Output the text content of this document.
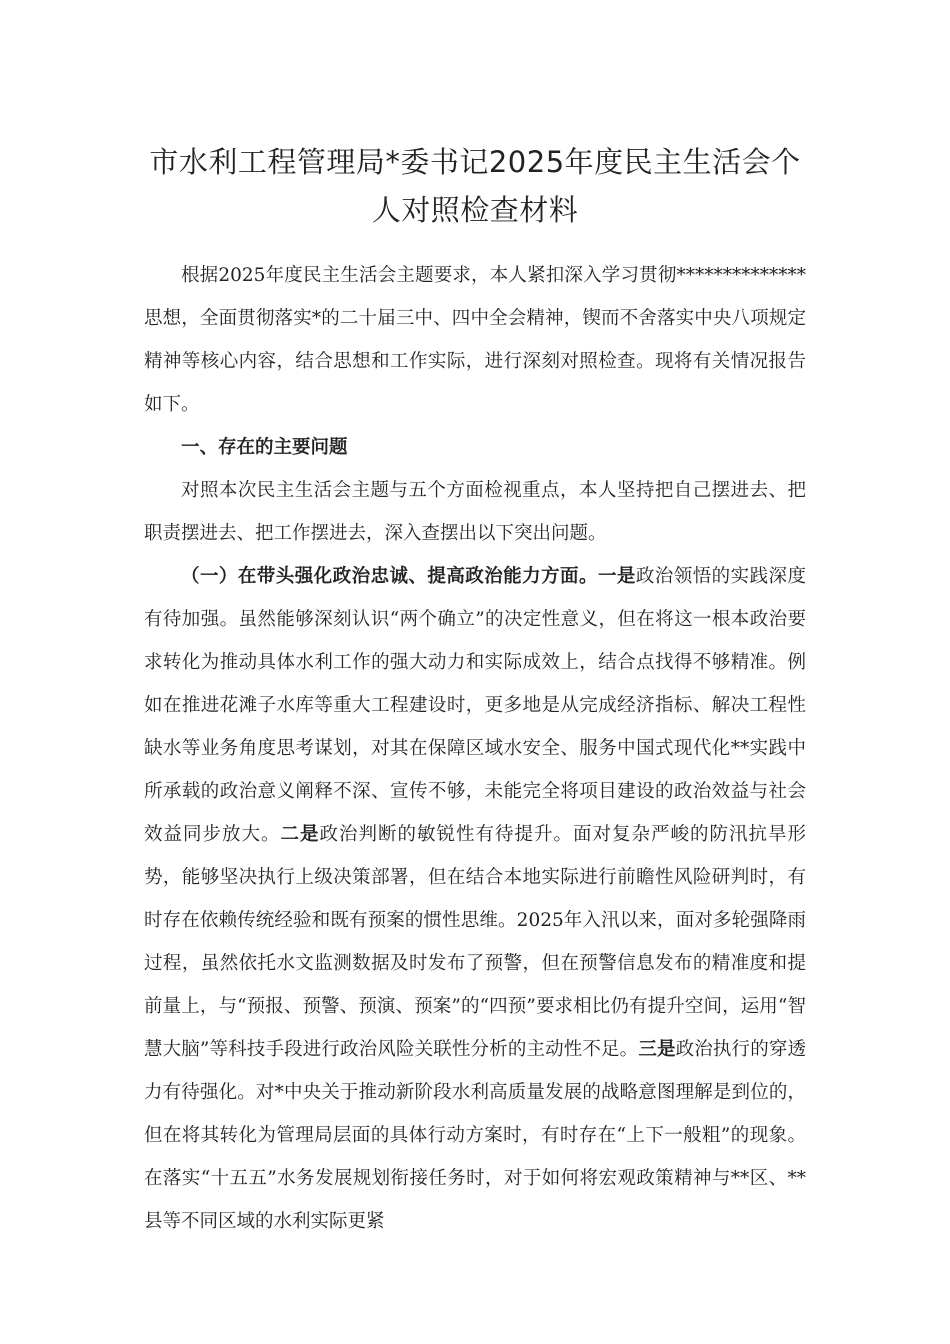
市水利工程管理局*委书记2025年度民主生活会个
人对照检查材料

根据2025年度民主生活会主题要求，本人紧扣深入学习贯彻**************思想，全面贯彻落实*的二十届三中、四中全会精神，锲而不舍落实中央八项规定精神等核心内容，结合思想和工作实际，进行深刻对照检查。现将有关情况报告如下。

一、存在的主要问题

对照本次民主生活会主题与五个方面检视重点，本人坚持把自己摆进去、把职责摆进去、把工作摆进去，深入查摆出以下突出问题。

（一）在带头强化政治忠诚、提高政治能力方面。一是政治领悟的实践深度有待加强。虽然能够深刻认识“两个确立”的决定性意义，但在将这一根本政治要求转化为推动具体水利工作的强大动力和实际成效上，结合点找得不够精准。例如在推进花滩子水库等重大工程建设时，更多地是从完成经济指标、解决工程性缺水等业务角度思考谋划，对其在保障区域水安全、服务中国式现代化**实践中所承载的政治意义阐释不深、宣传不够，未能完全将项目建设的政治效益与社会效益同步放大。二是政治判断的敏锐性有待提升。面对复杂严峻的防汛抗旱形势，能够坚决执行上级决策部署，但在结合本地实际进行前瞻性风险研判时，有时存在依赖传统经验和既有预案的惯性思维。2025年入汛以来，面对多轮强降雨过程，虽然依托水文监测数据及时发布了预警，但在预警信息发布的精准度和提前量上，与“预报、预警、预演、预案”的“四预”要求相比仍有提升空间，运用“智慧大脑”等科技手段进行政治风险关联性分析的主动性不足。三是政治执行的穿透力有待强化。对*中央关于推动新阶段水利高质量发展的战略意图理解是到位的，但在将其转化为管理局层面的具体行动方案时，有时存在“上下一般粗”的现象。在落实“十五五”水务发展规划衔接任务时，对于如何将宏观政策精神与**区、**县等不同区域的水利实际更紧
